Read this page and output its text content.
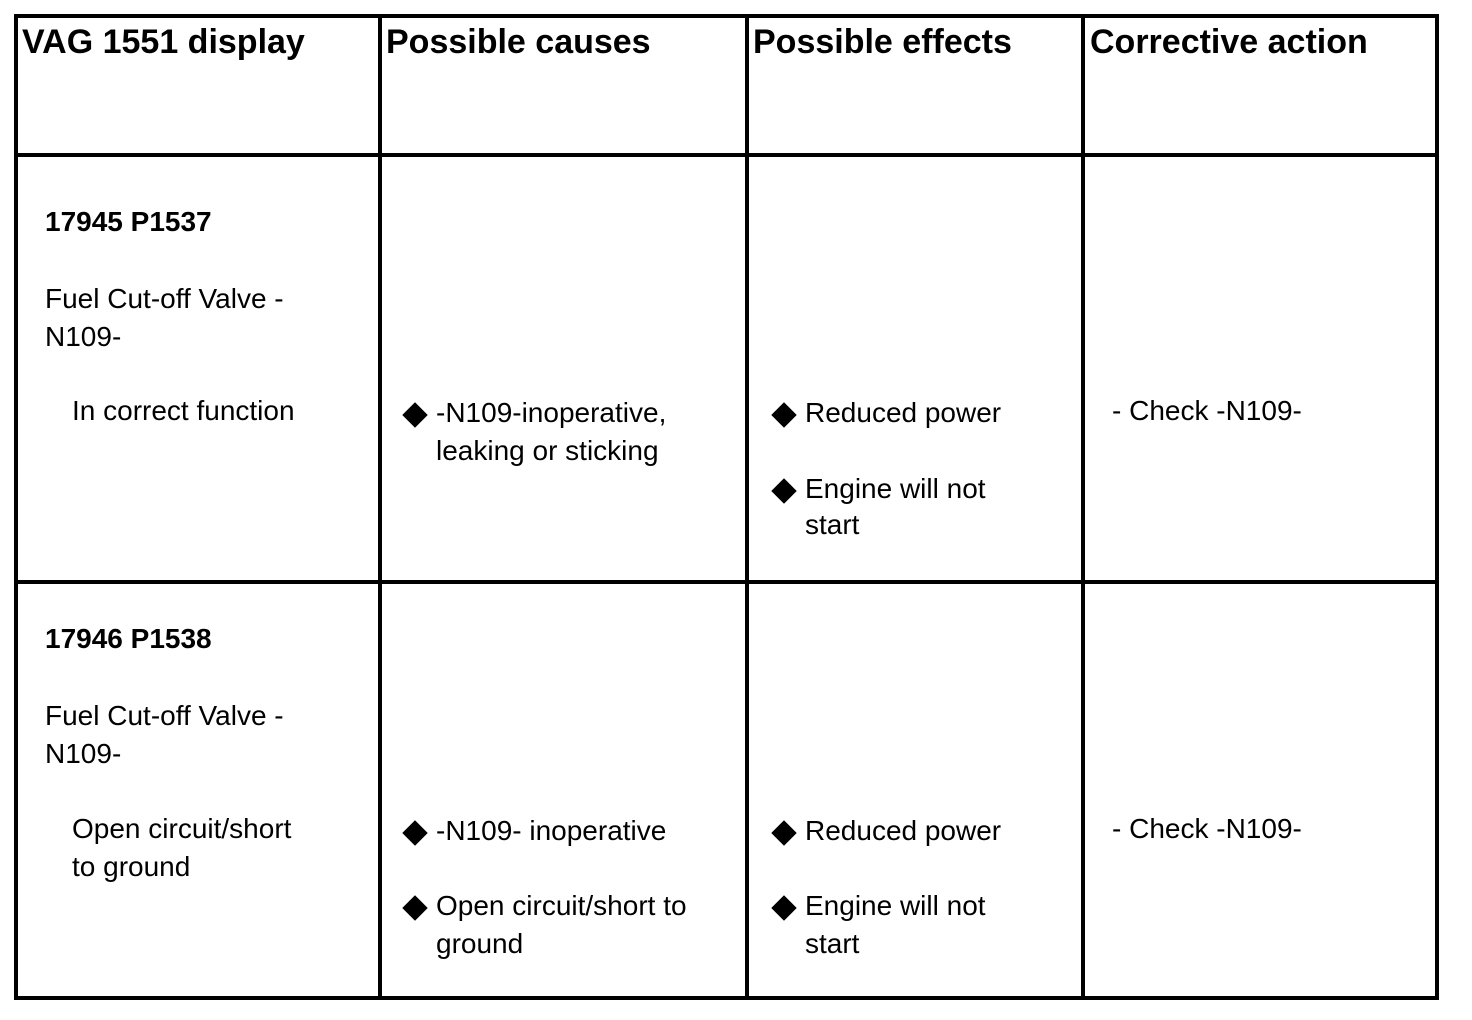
VAG 1551 display Possible causes	Possible effects Corrective action
17945 P1537
Fuel Cut-off Valve -
N109-
In correct function	-N109-inoperative,
leaking or sticking
Reduced power
Engine will not
start
- Check -N109-
17946 P1538
Fuel Cut-off Valve -
N109-
Open circuit/short
to ground
-N109- inoperative
Open circuit/short to
ground
Reduced power
Engine will not
start
- Check -N109-
